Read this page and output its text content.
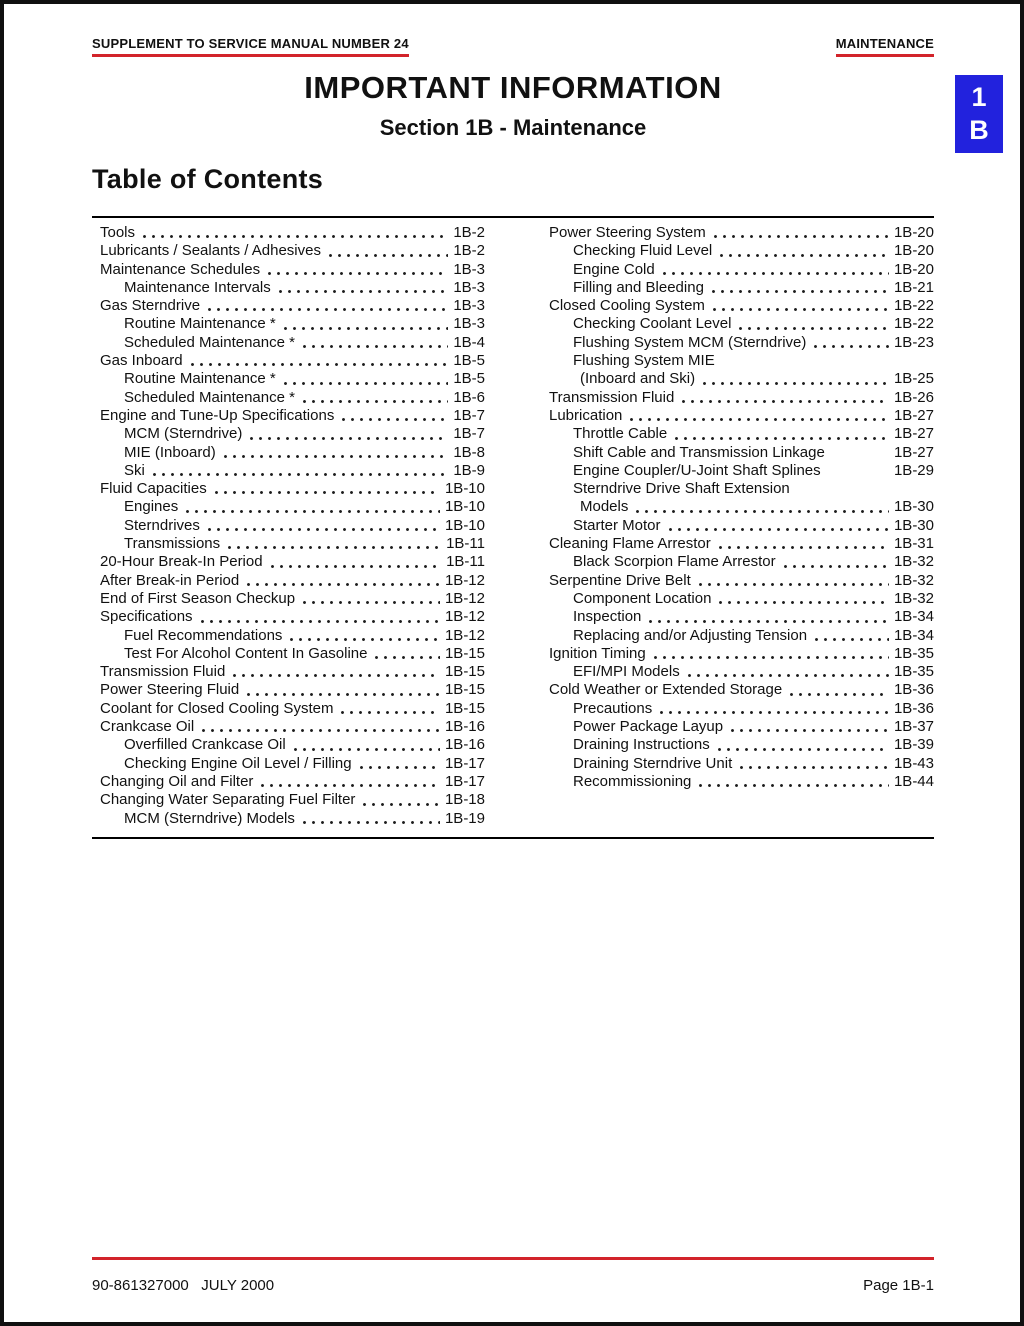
SUPPLEMENT TO SERVICE MANUAL NUMBER 24	MAINTENANCE
IMPORTANT INFORMATION
Section 1B - Maintenance
Table of Contents
Tools	1B-2
Lubricants / Sealants / Adhesives	1B-2
Maintenance Schedules	1B-3
Maintenance Intervals	1B-3
Gas Sterndrive	1B-3
Routine Maintenance *	1B-3
Scheduled Maintenance *	1B-4
Gas Inboard	1B-5
Routine Maintenance *	1B-5
Scheduled Maintenance *	1B-6
Engine and Tune-Up Specifications	1B-7
MCM (Sterndrive)	1B-7
MIE (Inboard)	1B-8
Ski	1B-9
Fluid Capacities	1B-10
Engines	1B-10
Sterndrives	1B-10
Transmissions	1B-11
20-Hour Break-In Period	1B-11
After Break-in Period	1B-12
End of First Season Checkup	1B-12
Specifications	1B-12
Fuel Recommendations	1B-12
Test For Alcohol Content In Gasoline	1B-15
Transmission Fluid	1B-15
Power Steering Fluid	1B-15
Coolant for Closed Cooling System	1B-15
Crankcase Oil	1B-16
Overfilled Crankcase Oil	1B-16
Checking Engine Oil Level / Filling	1B-17
Changing Oil and Filter	1B-17
Changing Water Separating Fuel Filter	1B-18
MCM (Sterndrive) Models	1B-19
Power Steering System	1B-20
Checking Fluid Level	1B-20
Engine Cold	1B-20
Filling and Bleeding	1B-21
Closed Cooling System	1B-22
Checking Coolant Level	1B-22
Flushing System MCM (Sterndrive)	1B-23
Flushing System MIE
(Inboard and Ski)	1B-25
Transmission Fluid	1B-26
Lubrication	1B-27
Throttle Cable	1B-27
Shift Cable and Transmission Linkage	1B-27
Engine Coupler/U-Joint Shaft Splines	1B-29
Sterndrive Drive Shaft Extension
Models	1B-30
Starter Motor	1B-30
Cleaning Flame Arrestor	1B-31
Black Scorpion Flame Arrestor	1B-32
Serpentine Drive Belt	1B-32
Component Location	1B-32
Inspection	1B-34
Replacing and/or Adjusting Tension	1B-34
Ignition Timing	1B-35
EFI/MPI Models	1B-35
Cold Weather or Extended Storage	1B-36
Precautions	1B-36
Power Package Layup	1B-37
Draining Instructions	1B-39
Draining Sterndrive Unit	1B-43
Recommissioning	1B-44
1
B
90-861327000   JULY 2000	Page 1B-1
